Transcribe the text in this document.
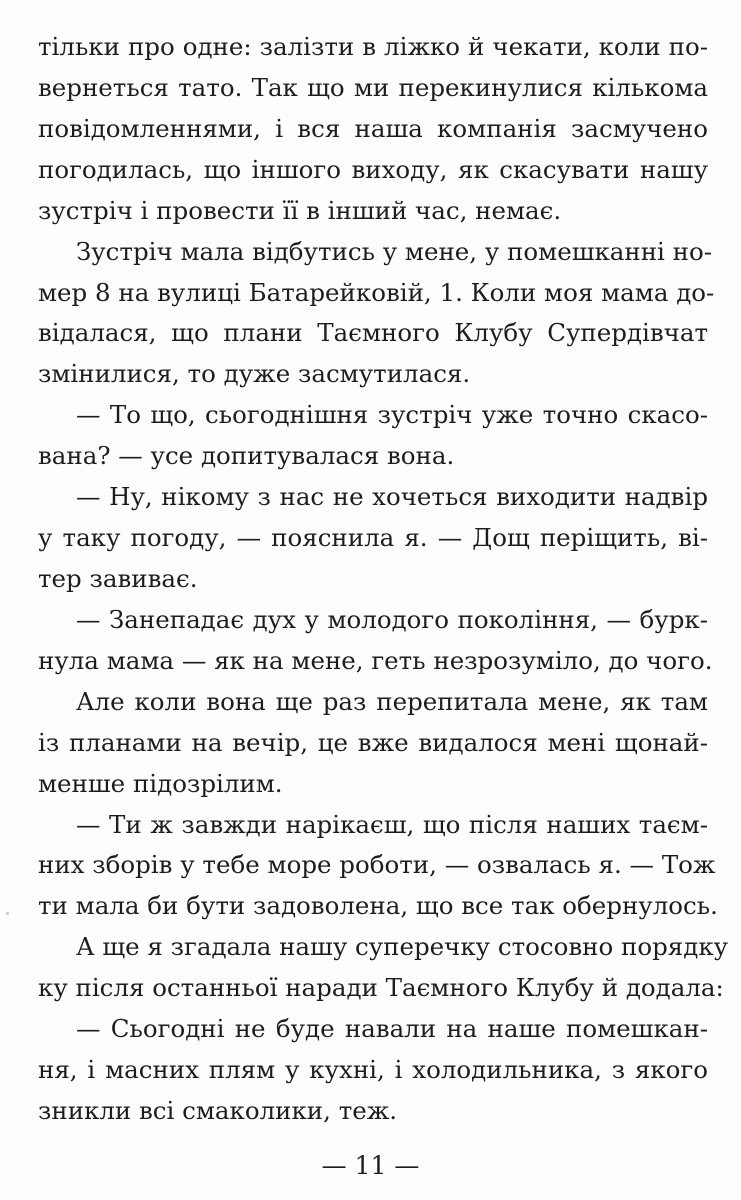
тільки про одне: залізти в ліжко й чекати, коли по-
вернеться тато. Так що ми перекинулися кількома
повідомленнями, і вся наша компанія засмучено
погодилась, що іншого виходу, як скасувати нашу
зустріч і провести її в інший час, немає.
Зустріч мала відбутись у мене, у помешканні но-
мер 8 на вулиці Батарейковій, 1. Коли моя мама до-
відалася, що плани Таємного Клубу Супердівчат
змінилися, то дуже засмутилася.
— То що, сьогоднішня зустріч уже точно скасо-
вана? — усе допитувалася вона.
— Ну, нікому з нас не хочеться виходити надвір
у таку погоду, — пояснила я. — Дощ періщить, ві-
тер завиває.
— Занепадає дух у молодого покоління, — бурк-
нула мама — як на мене, геть незрозуміло, до чого.
Але коли вона ще раз перепитала мене, як там
із планами на вечір, це вже видалося мені щонай-
менше підозрілим.
— Ти ж завжди нарікаєш, що після наших таєм-
них зборів у тебе море роботи, — озвалась я. — Тож
ти мала би бути задоволена, що все так обернулось.
А ще я згадала нашу суперечку стосовно порядку
ку після останньої наради Таємного Клубу й додала:
— Сьогодні не буде навали на наше помешкан-
ня, і масних плям у кухні, і холодильника, з якого
зникли всі смаколики, теж.
— 11 —
